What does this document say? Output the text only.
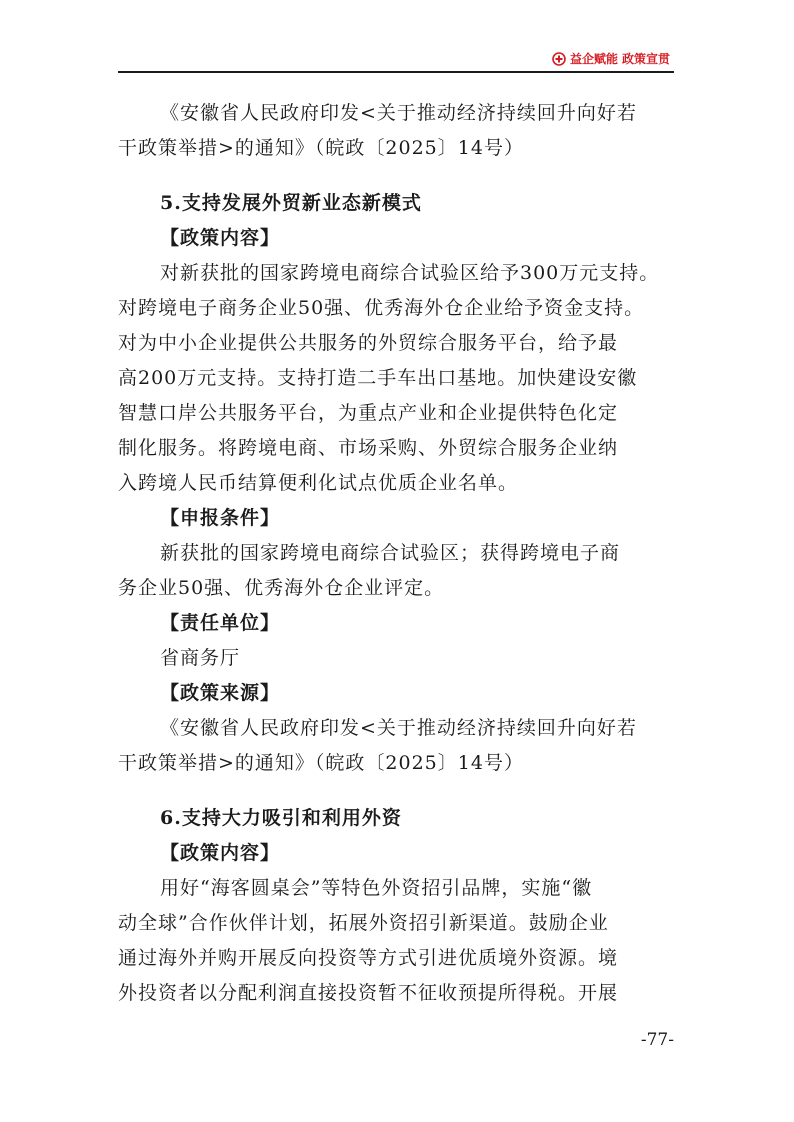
益企赋能 政策宣贯
《安徽省人民政府印发<关于推动经济持续回升向好若
干政策举措>的通知》（皖政〔2025〕14号）
5.支持发展外贸新业态新模式
【政策内容】
对新获批的国家跨境电商综合试验区给予300万元支持。
对跨境电子商务企业50强、优秀海外仓企业给予资金支持。
对为中小企业提供公共服务的外贸综合服务平台，给予最
高200万元支持。支持打造二手车出口基地。加快建设安徽
智慧口岸公共服务平台，为重点产业和企业提供特色化定
制化服务。将跨境电商、市场采购、外贸综合服务企业纳
入跨境人民币结算便利化试点优质企业名单。
【申报条件】
新获批的国家跨境电商综合试验区；获得跨境电子商
务企业50强、优秀海外仓企业评定。
【责任单位】
省商务厅
【政策来源】
《安徽省人民政府印发<关于推动经济持续回升向好若
干政策举措>的通知》（皖政〔2025〕14号）
6.支持大力吸引和利用外资
【政策内容】
用好“海客圆桌会”等特色外资招引品牌，实施“徽
动全球”合作伙伴计划，拓展外资招引新渠道。鼓励企业
通过海外并购开展反向投资等方式引进优质境外资源。境
外投资者以分配利润直接投资暂不征收预提所得税。开展
-77-
